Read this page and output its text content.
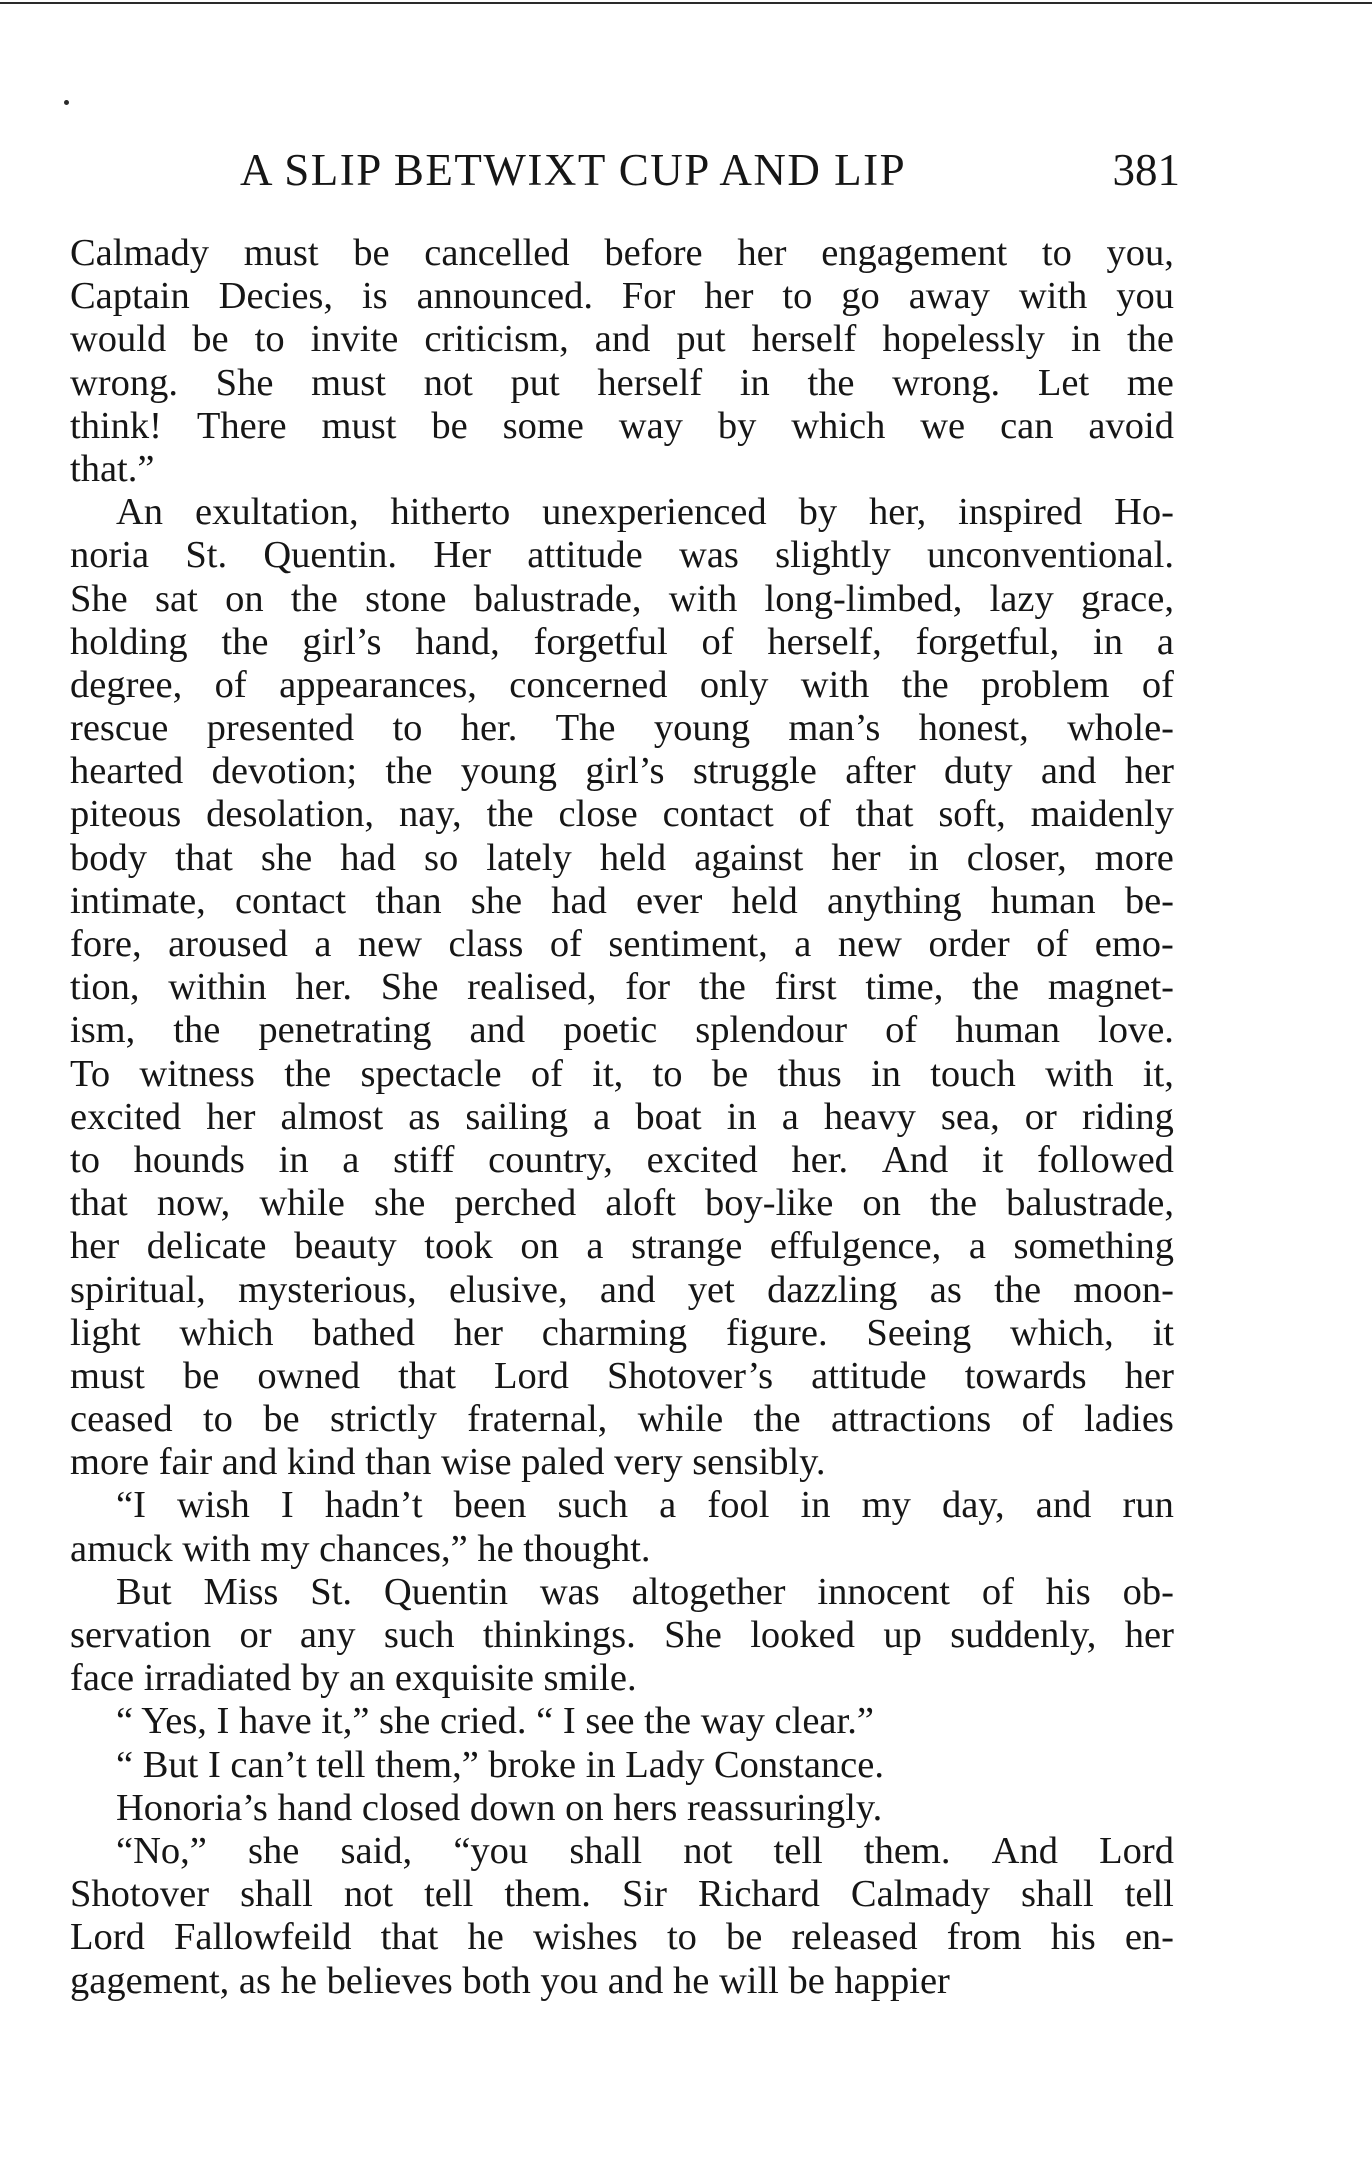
A SLIP BETWIXT CUP AND LIP	381
Calmady must be cancelled before her engagement to you,
Captain Decies, is announced. For her to go away with you
would be to invite criticism, and put herself hopelessly in the
wrong. She must not put herself in the wrong. Let me
think! There must be some way by which we can avoid
that.”
An exultation, hitherto unexperienced by her, inspired Ho-
noria St. Quentin. Her attitude was slightly unconventional.
She sat on the stone balustrade, with long-limbed, lazy grace,
holding the girl’s hand, forgetful of herself, forgetful, in a
degree, of appearances, concerned only with the problem of
rescue presented to her. The young man’s honest, whole-
hearted devotion; the young girl’s struggle after duty and her
piteous desolation, nay, the close contact of that soft, maidenly
body that she had so lately held against her in closer, more
intimate, contact than she had ever held anything human be-
fore, aroused a new class of sentiment, a new order of emo-
tion, within her. She realised, for the first time, the magnet-
ism, the penetrating and poetic splendour of human love.
To witness the spectacle of it, to be thus in touch with it,
excited her almost as sailing a boat in a heavy sea, or riding
to hounds in a stiff country, excited her. And it followed
that now, while she perched aloft boy-like on the balustrade,
her delicate beauty took on a strange effulgence, a something
spiritual, mysterious, elusive, and yet dazzling as the moon-
light which bathed her charming figure. Seeing which, it
must be owned that Lord Shotover’s attitude towards her
ceased to be strictly fraternal, while the attractions of ladies
more fair and kind than wise paled very sensibly.
“I wish I hadn’t been such a fool in my day, and run
amuck with my chances,” he thought.
But Miss St. Quentin was altogether innocent of his ob-
servation or any such thinkings. She looked up suddenly, her
face irradiated by an exquisite smile.
“ Yes, I have it,” she cried. “ I see the way clear.”
“ But I can’t tell them,” broke in Lady Constance.
Honoria’s hand closed down on hers reassuringly.
“No,” she said, “you shall not tell them. And Lord
Shotover shall not tell them. Sir Richard Calmady shall tell
Lord Fallowfeild that he wishes to be released from his en-
gagement, as he believes both you and he will be happier
